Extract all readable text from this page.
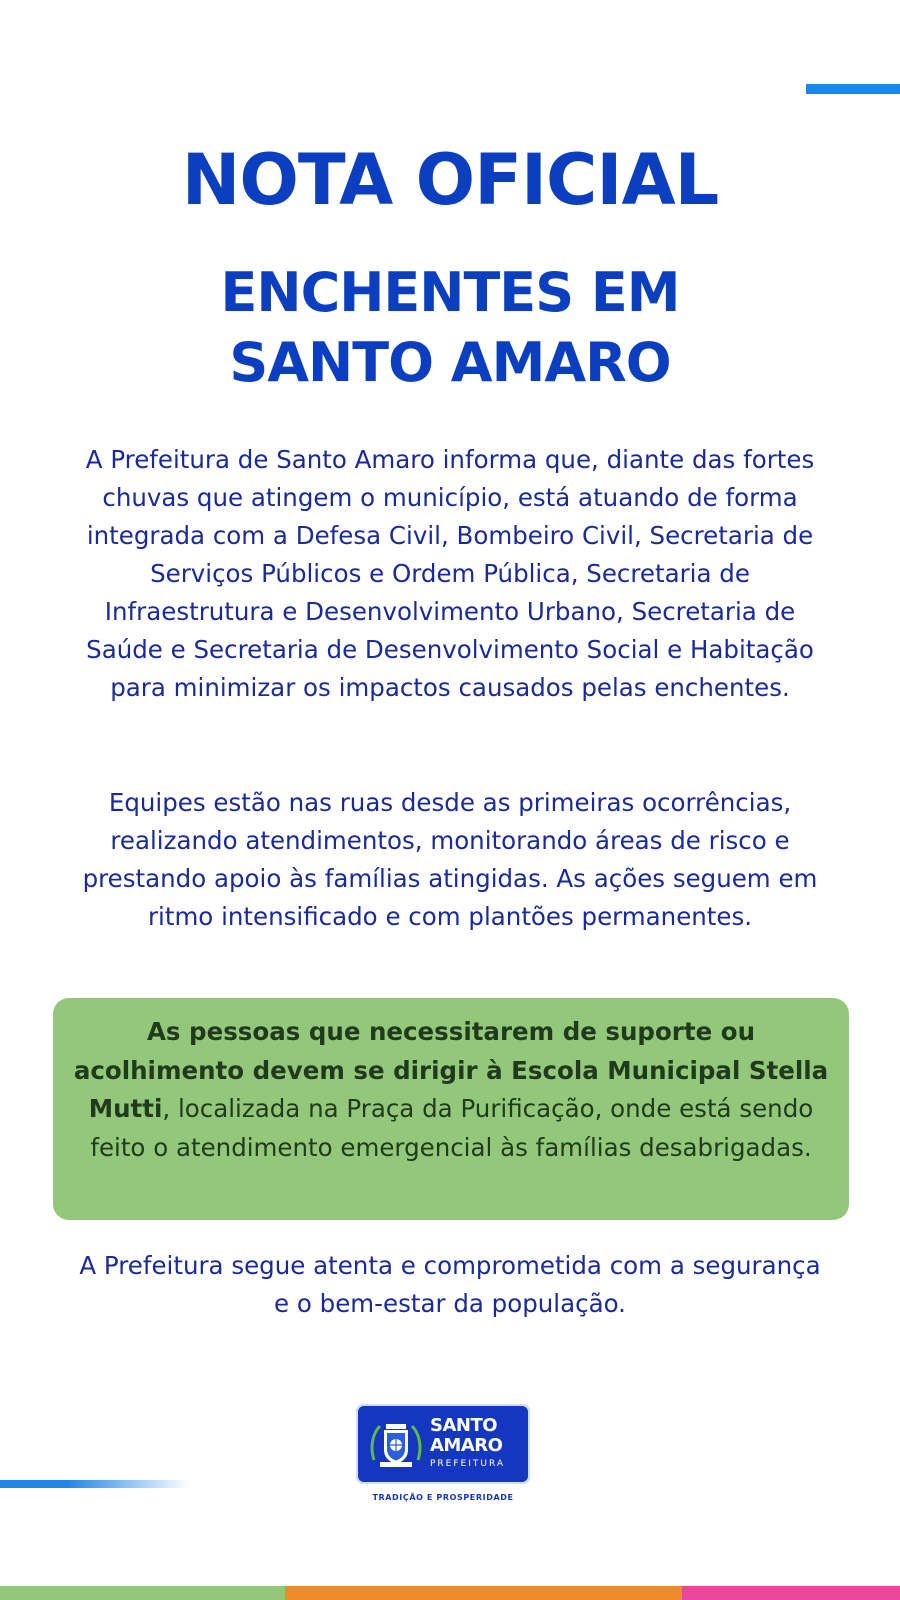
NOTA OFICIAL
ENCHENTES EM
SANTO AMARO

A Prefeitura de Santo Amaro informa que, diante das fortes chuvas que atingem o município, está atuando de forma integrada com a Defesa Civil, Bombeiro Civil, Secretaria de Serviços Públicos e Ordem Pública, Secretaria de Infraestrutura e Desenvolvimento Urbano, Secretaria de Saúde e Secretaria de Desenvolvimento Social e Habitação para minimizar os impactos causados pelas enchentes.

Equipes estão nas ruas desde as primeiras ocorrências, realizando atendimentos, monitorando áreas de risco e prestando apoio às famílias atingidas. As ações seguem em ritmo intensificado e com plantões permanentes.

As pessoas que necessitarem de suporte ou acolhimento devem se dirigir à Escola Municipal Stella Mutti, localizada na Praça da Purificação, onde está sendo feito o atendimento emergencial às famílias desabrigadas.

A Prefeitura segue atenta e comprometida com a segurança e o bem-estar da população.

SANTO
AMARO
PREFEITURA
TRADIÇÃO E PROSPERIDADE
